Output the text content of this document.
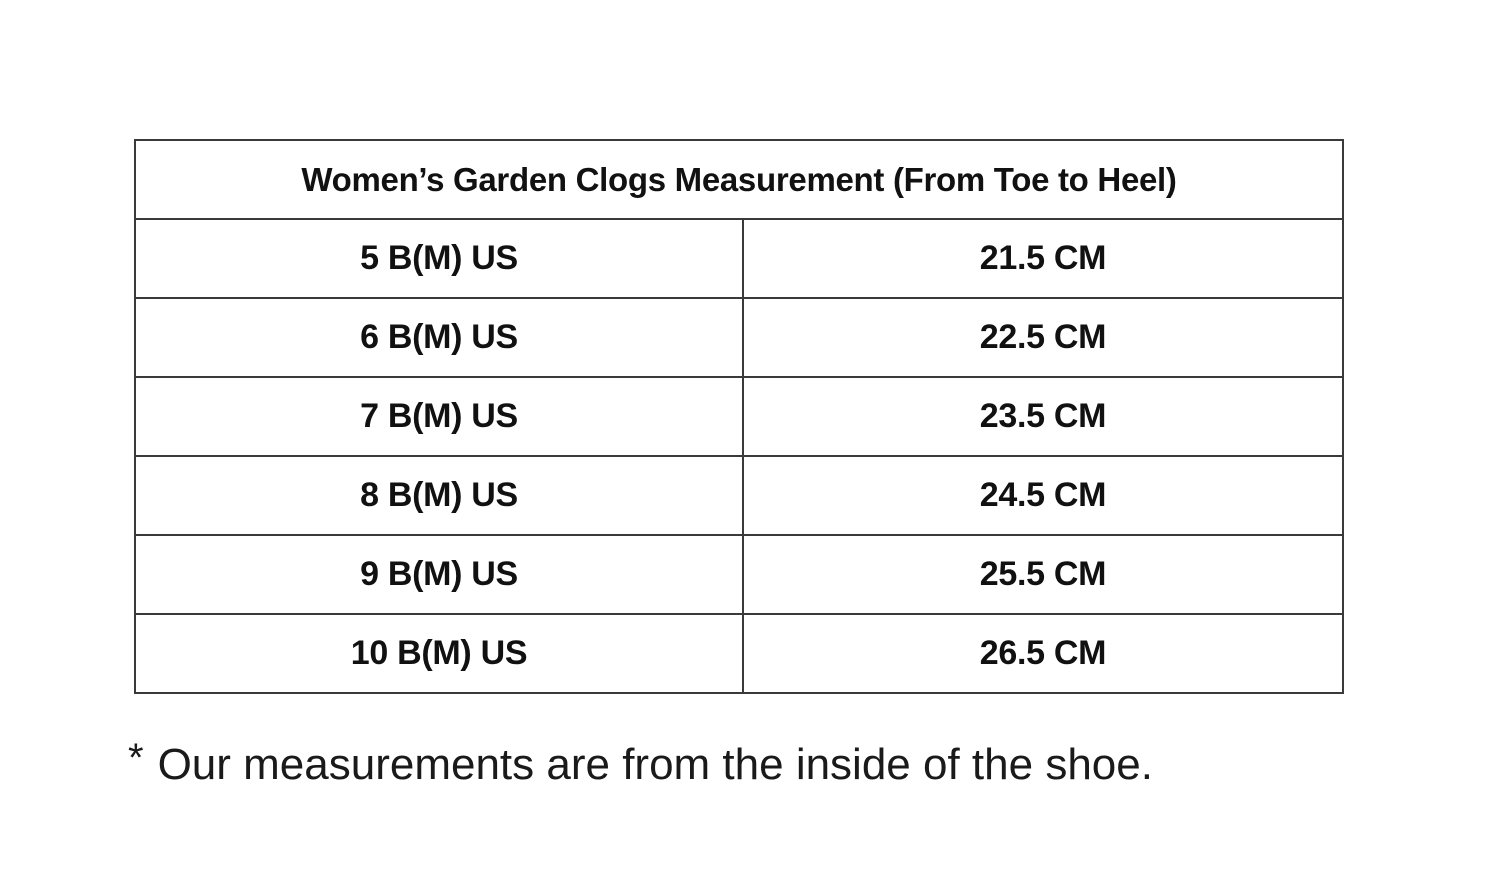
Women’s Garden Clogs Measurement (From Toe to Heel)	
5 B(M) US	21.5 CM
6 B(M) US	22.5 CM
7 B(M) US	23.5 CM
8 B(M) US	24.5 CM
9 B(M) US	25.5 CM
10 B(M) US	26.5 CM
* Our measurements are from the inside of the shoe.
